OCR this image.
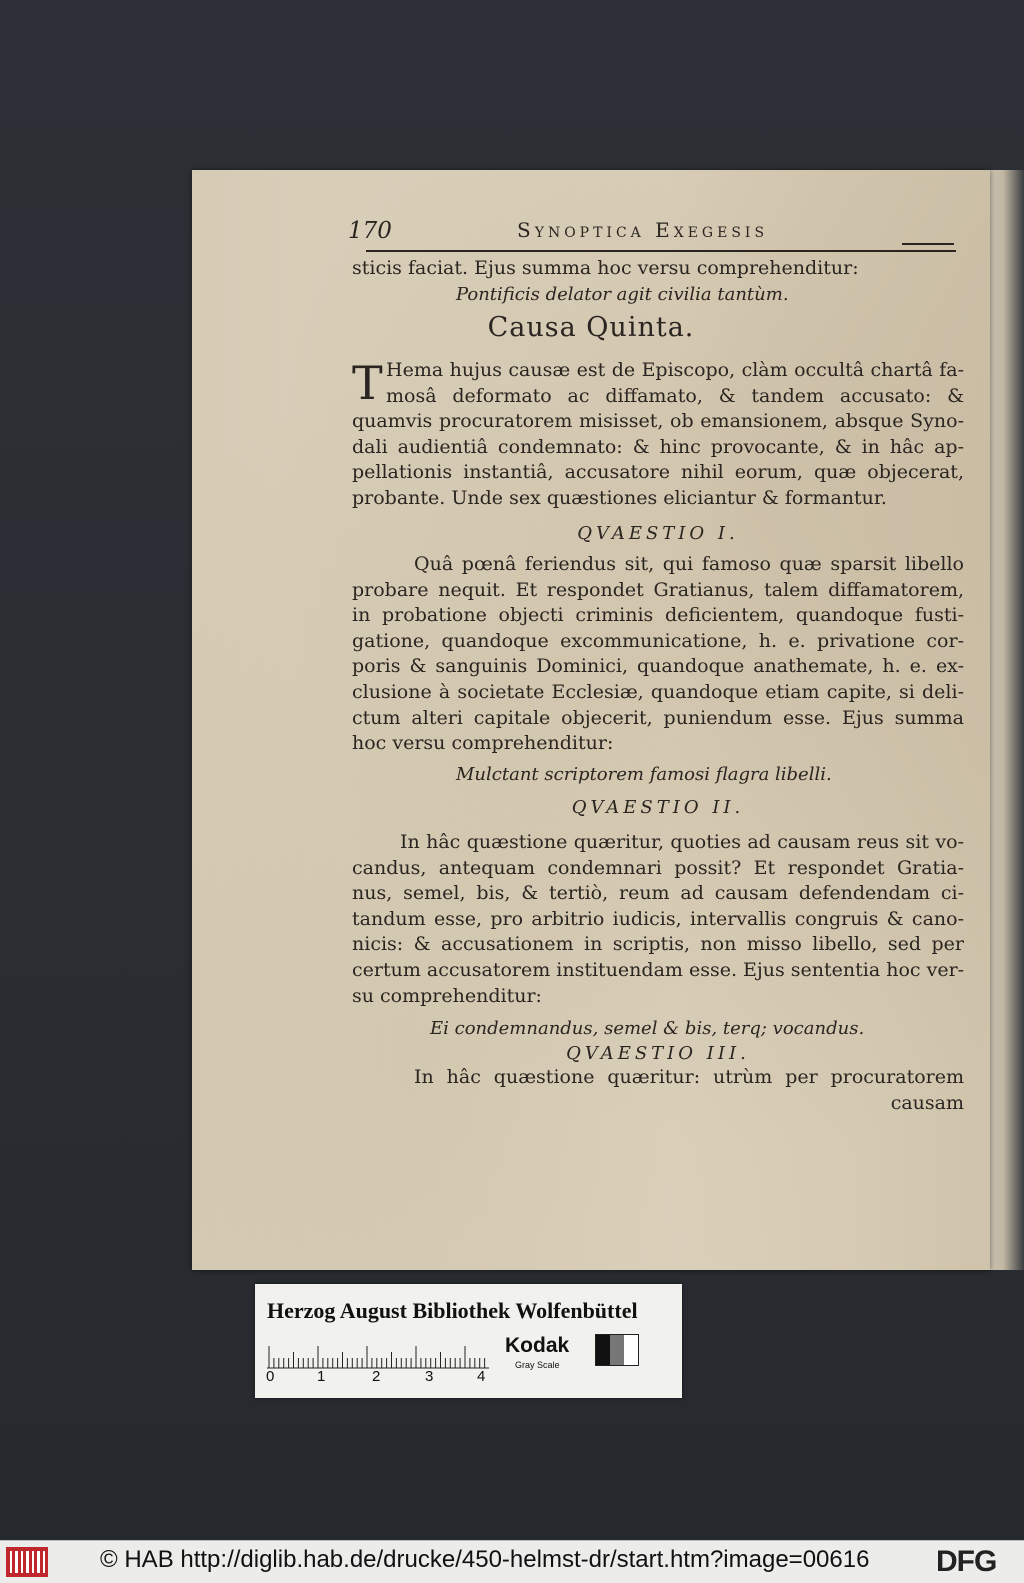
170	Synoptica Exegesis
sticis faciat. Ejus summa hoc versu comprehenditur:
Pontificis delator agit civilia tantùm.
Causa Quinta.
T Hema hujus causæ est de Episcopo, clàm occultâ chartâ fa-
mosâ deformato ac diffamato, & tandem accusato: &
quamvis procuratorem misisset, ob emansionem, absque Syno-
dali audientiâ condemnato: & hinc provocante, & in hâc ap-
pellationis instantiâ, accusatore nihil eorum, quæ objecerat,
probante. Unde sex quæstiones eliciantur & formantur.
QVAESTIO I.
Quâ pœnâ feriendus sit, qui famoso quæ sparsit libello
probare nequit. Et respondet Gratianus, talem diffamatorem,
in probatione objecti criminis deficientem, quandoque fusti-
gatione, quandoque excommunicatione, h. e. privatione cor-
poris & sanguinis Dominici, quandoque anathemate, h. e. ex-
clusione à societate Ecclesiæ, quandoque etiam capite, si deli-
ctum alteri capitale objecerit, puniendum esse. Ejus summa
hoc versu comprehenditur:
Mulctant scriptorem famosi flagra libelli.
QVAESTIO II.
In hâc quæstione quæritur, quoties ad causam reus sit vo-
candus, antequam condemnari possit? Et respondet Gratia-
nus, semel, bis, & tertiò, reum ad causam defendendam ci-
tandum esse, pro arbitrio iudicis, intervallis congruis & cano-
nicis: & accusationem in scriptis, non misso libello, sed per
certum accusatorem instituendam esse. Ejus sententia hoc ver-
su comprehenditur:
Ei condemnandus, semel & bis, terq; vocandus.
QVAESTIO III.
In hâc quæstione quæritur: utrùm per procuratorem
causam
Herzog August Bibliothek Wolfenbüttel
0	1	2	3	4
Kodak
Gray Scale
© HAB http://diglib.hab.de/drucke/450-helmst-dr/start.htm?image=00616 DFG
